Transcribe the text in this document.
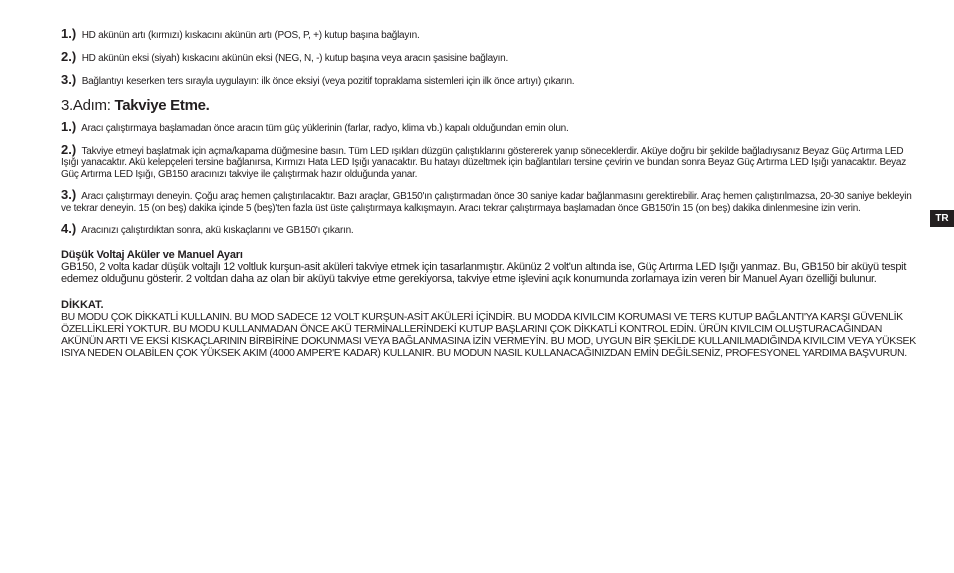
1.) HD akünün artı (kırmızı) kıskacını akünün artı (POS, P, +) kutup başına bağlayın.
2.) HD akünün eksi (siyah) kıskacını akünün eksi (NEG, N, -) kutup başına veya aracın şasisine bağlayın.
3.) Bağlantıyı keserken ters sırayla uygulayın: ilk önce eksiyi (veya pozitif topraklama sistemleri için ilk önce artıyı) çıkarın.
3.Adım: Takviye Etme.
1.) Aracı çalıştırmaya başlamadan önce aracın tüm güç yüklerinin (farlar, radyo, klima vb.) kapalı olduğundan emin olun.
2.) Takviye etmeyi başlatmak için açma/kapama düğmesine basın. Tüm LED ışıkları düzgün çalıştıklarını göstererek yanıp söneceklerdir. Aküye doğru bir şekilde bağladıysanız Beyaz Güç Artırma LED Işığı yanacaktır. Akü kelepçeleri tersine bağlanırsa, Kırmızı Hata LED Işığı yanacaktır. Bu hatayı düzeltmek için bağlantıları tersine çevirin ve bundan sonra Beyaz Güç Artırma LED Işığı yanacaktır. Beyaz Güç Artırma LED Işığı, GB150 aracınızı takviye ile çalıştırmak hazır olduğunda yanar.
3.) Aracı çalıştırmayı deneyin. Çoğu araç hemen çalıştırılacaktır. Bazı araçlar, GB150'ın çalıştırmadan önce 30 saniye kadar bağlanmasını gerektirebilir. Araç hemen çalıştırılmazsa, 20-30 saniye bekleyin ve tekrar deneyin. 15 (on beş) dakika içinde 5 (beş)'ten fazla üst üste çalıştırmaya kalkışmayın. Aracı tekrar çalıştırmaya başlamadan önce GB150'in 15 (on beş) dakika dinlenmesine izin verin.
4.) Aracınızı çalıştırdıktan sonra, akü kıskaçlarını ve GB150'ı çıkarın.
Düşük Voltaj Aküler ve Manuel Ayarı
GB150, 2 volta kadar düşük voltajlı 12 voltluk kurşun-asit aküleri takviye etmek için tasarlanmıştır. Akünüz 2 volt'un altında ise, Güç Artırma LED Işığı yanmaz. Bu, GB150 bir aküyü tespit edemez olduğunu gösterir. 2 voltdan daha az olan bir aküyü takviye etme gerekiyorsa, takviye etme işlevini açık konumunda zorlamaya izin veren bir Manuel Ayarı özelliği bulunur.
DİKKAT.
BU MODU ÇOK DİKKATLİ KULLANIN. BU MOD SADECE 12 VOLT KURŞUN-ASİT AKÜLERİ İÇİNDİR. BU MODDA KIVILCIM KORUMASI VE TERS KUTUP BAĞLANTI'YA KARŞI GÜVENLİK ÖZELLİKLERİ YOKTUR. BU MODU KULLANMADAN ÖNCE AKÜ TERMİNALLERİNDEKİ KUTUP BAŞLARINI ÇOK DİKKATLİ KONTROL EDİN. ÜRÜN KIVILCIM OLUŞTURACAĞINDAN AKÜNÜN ARTI VE EKSİ KISKAÇLARININ BİRBİRİNE DOKUNMASI VEYA BAĞLANMASINA İZİN VERMEYİN. BU MOD, UYGUN BİR ŞEKİLDE KULLANILMADIĞINDA KIVILCIM VEYA YÜKSEK ISIYA NEDEN OLABİLEN ÇOK YÜKSEK AKIM (4000 AMPER'E KADAR) KULLANIR. BU MODUN NASIL KULLANACAĞINIZDAN EMİN DEĞİLSENİZ, PROFESYONEL YARDIMA BAŞVURUN.
TR
